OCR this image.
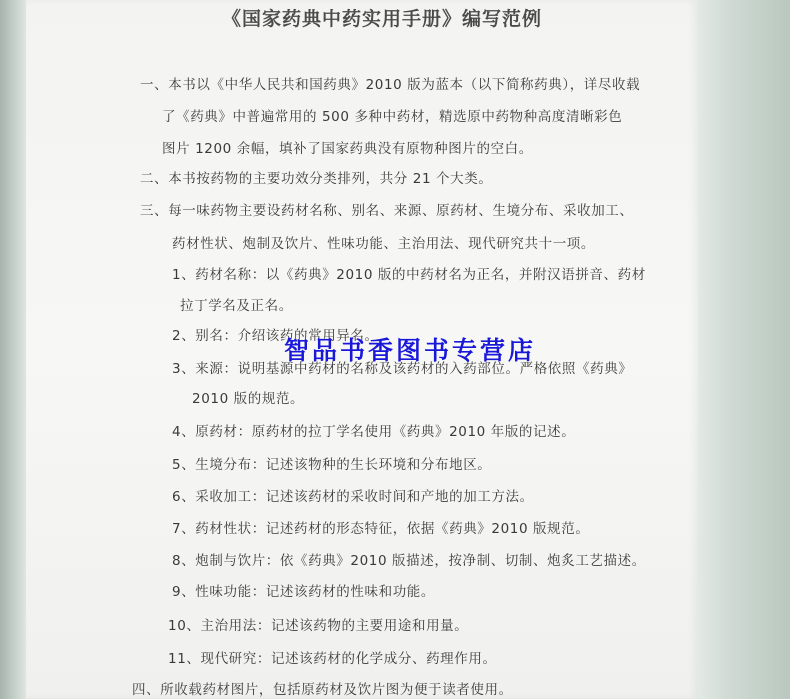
《国家药典中药实用手册》编写范例
一、本书以《中华人民共和国药典》2010 版为蓝本（以下简称药典），详尽收载
了《药典》中普遍常用的 500 多种中药材，精选原中药物种高度清晰彩色
图片 1200 余幅，填补了国家药典没有原物种图片的空白。
二、本书按药物的主要功效分类排列，共分 21 个大类。
三、每一味药物主要设药材名称、别名、来源、原药材、生境分布、采收加工、
药材性状、炮制及饮片、性味功能、主治用法、现代研究共十一项。
1、药材名称：以《药典》2010 版的中药材名为正名，并附汉语拼音、药材
拉丁学名及正名。
2、别名：介绍该药的常用异名。
3、来源：说明基源中药材的名称及该药材的入药部位。严格依照《药典》
2010 版的规范。
4、原药材：原药材的拉丁学名使用《药典》2010 年版的记述。
5、生境分布：记述该物种的生长环境和分布地区。
6、采收加工：记述该药材的采收时间和产地的加工方法。
7、药材性状：记述药材的形态特征，依据《药典》2010 版规范。
8、炮制与饮片：依《药典》2010 版描述，按净制、切制、炮炙工艺描述。
9、性味功能：记述该药材的性味和功能。
10、主治用法：记述该药物的主要用途和用量。
11、现代研究：记述该药材的化学成分、药理作用。
四、所收载药材图片，包括原药材及饮片图为便于读者使用。
智品书香图书专营店
